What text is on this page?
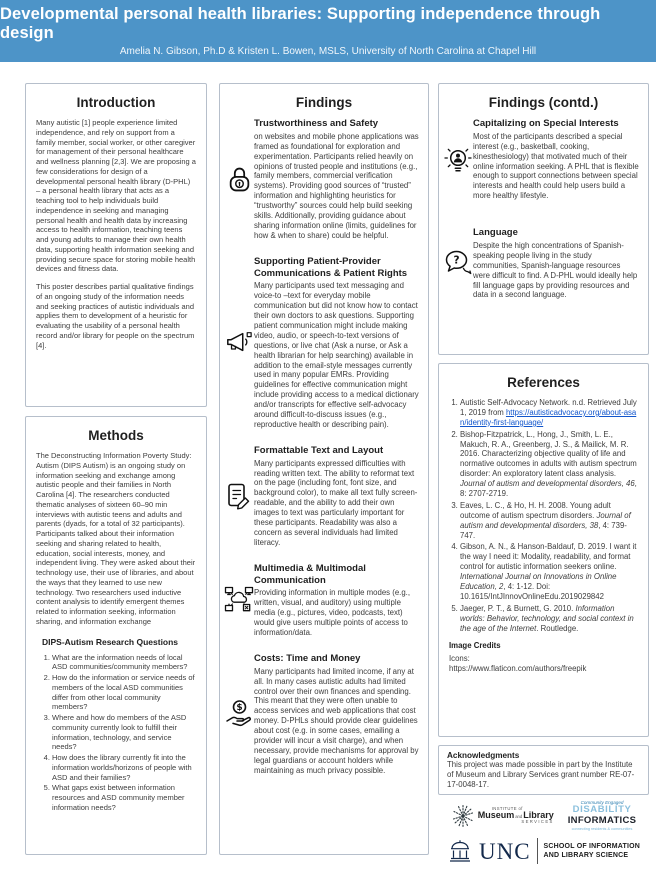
Developmental personal health libraries: Supporting independence through design
Amelia N. Gibson, Ph.D & Kristen L. Bowen, MSLS, University of North Carolina at Chapel Hill
Introduction

Many autistic [1] people experience limited independence, and rely on support from a family member, social worker, or other caregiver for management of their personal healthcare and wellness planning [2,3]. We are proposing a few considerations for design of a developmental personal health library (D-PHL) – a personal health library that acts as a teaching tool to help individuals build independence in seeking and managing personal health and health data by increasing access to health information, teaching teens and young adults to manage their own health data, supporting health information seeking and providing secure space for storing mobile health devices and fitness data.

This poster describes partial qualitative findings of an ongoing study of the information needs and seeking practices of autistic individuals and applies them to development of a heuristic for evaluating the usability of a personal health record and/or library for people on the spectrum [4].

Methods

The Deconstructing Information Poverty Study: Autism (DIPS Autism) is an ongoing study on information seeking and exchange among autistic people and their families in North Carolina [4]. The researchers conducted thematic analyses of sixteen 60–90 min interviews with autistic teens and adults and parents (dyads, for a total of 32 participants). Participants talked about their information seeking and sharing related to health, education, social interests, money, and independent living. They were asked about their technology use, their use of libraries, and about the ways that they learned to use new technology. Two researchers used inductive content analysis to identify emergent themes related to information seeking, information sharing, and information exchange

DIPS-Autism Research Questions
1. What are the information needs of local ASD communities/community members?
2. How do the information or service needs of members of the local ASD communities differ from other local community members?
3. Where and how do members of the ASD community currently look to fulfill their information, technology, and service needs?
4. How does the library currently fit into the information worlds/horizons of people with ASD and their families?
5. What gaps exist between information resources and ASD community member information needs?
Findings
Trustworthiness and Safety
on websites and mobile phone applications was framed as foundational for exploration and experimentation. Participants relied heavily on opinions of trusted people and institutions (e.g., family members, commercial verification systems). Providing good sources of “trusted” information and highlighting heuristics for “trustworthy” sources could help build seeking skills. Additionally, providing guidance about sharing information online (limits, guidelines for how & when to share) could be helpful.
Supporting Patient-Provider Communications & Patient Rights
Many participants used text messaging and voice-to –text for everyday mobile communication but did not know how to contact their own doctors to ask questions. Supporting patient communication might include making video, audio, or speech-to-text versions of questions, or live chat (Ask a nurse, or Ask a health librarian for help searching) available in addition to the email-style messages currently used in many popular EMRs. Providing guidelines for effective communication might include providing access to a medical dictionary and/or transcripts for effective self-advocacy around difficult-to-discuss issues (e.g., reproductive health or describing pain).
Formattable Text and Layout
Many participants expressed difficulties with reading written text. The ability to reformat text on the page (including font, font size, and background color), to make all text fully screen-readable, and the ability to add their own images to text was particularly important for these participants. Readability was also a concern as several individuals had limited literacy.
Multimedia & Multimodal Communication
Providing information in multiple modes (e.g., written, visual, and auditory) using multiple media (e.g., pictures, video, podcasts, text) would give users multiple points of access to information/data.
$
Costs: Time and Money
Many participants had limited income, if any at all. In many cases autistic adults had limited control over their own finances and spending. This meant that they were often unable to access services and web applications that cost money. D-PHLs should provide clear guidelines about cost (e.g. in some cases, emailing a provider will incur a visit charge), and when necessary, provide mechanisms for approval by legal guardians or account holders while maintaining as much privacy possible.
Findings (contd.)
Capitalizing on Special Interests
Most of the participants described a special interest (e.g., basketball, cooking, kinesthesiology) that motivated much of their online information seeking. A PHL that is flexible enough to support connections between special interests and health could help users build a more healthy lifestyle.
?
Language
Despite the high concentrations of Spanish-speaking people living in the study communities, Spanish-language resources were difficult to find. A D-PHL would ideally help fill language gaps by providing resources and data in a second language.
References
1. Autistic Self-Advocacy Network. n.d. Retrieved July 1, 2019 from https://autisticadvocacy.org/about-asan/identity-first-language/
2. Bishop-Fitzpatrick, L., Hong, J., Smith, L. E., Makuch, R. A., Greenberg, J. S., & Mailick, M. R. 2016. Characterizing objective quality of life and normative outcomes in adults with autism spectrum disorder: An exploratory latent class analysis. Journal of autism and developmental disorders, 46, 8: 2707-2719.
3. Eaves, L. C., & Ho, H. H. 2008. Young adult outcome of autism spectrum disorders. Journal of autism and developmental disorders, 38, 4: 739-747.
4. Gibson, A. N., & Hanson-Baldauf, D. 2019. I want it the way I need it: Modality, readability, and format control for autistic information seekers online. International Journal on Innovations in Online Education, 2, 4: 1-12. Doi: 10.1615/IntJInnovOnlineEdu.2019029842
5. Jaeger, P. T., & Burnett, G. 2010. Information worlds: Behavior, technology, and social context in the age of the Internet. Routledge.
Image Credits
Icons:
https://www.flaticon.com/authors/freepik
Acknowledgments
This project was made possible in part by the Institute of Museum and Library Services grant number RE-07-17-0048-17.
INSTITUTE of
MuseumandLibrary
SERVICES
Community Engaged
DISABILITY
INFORMATICS
connecting residents & communities
UNC SCHOOL OF INFORMATION
AND LIBRARY SCIENCE
